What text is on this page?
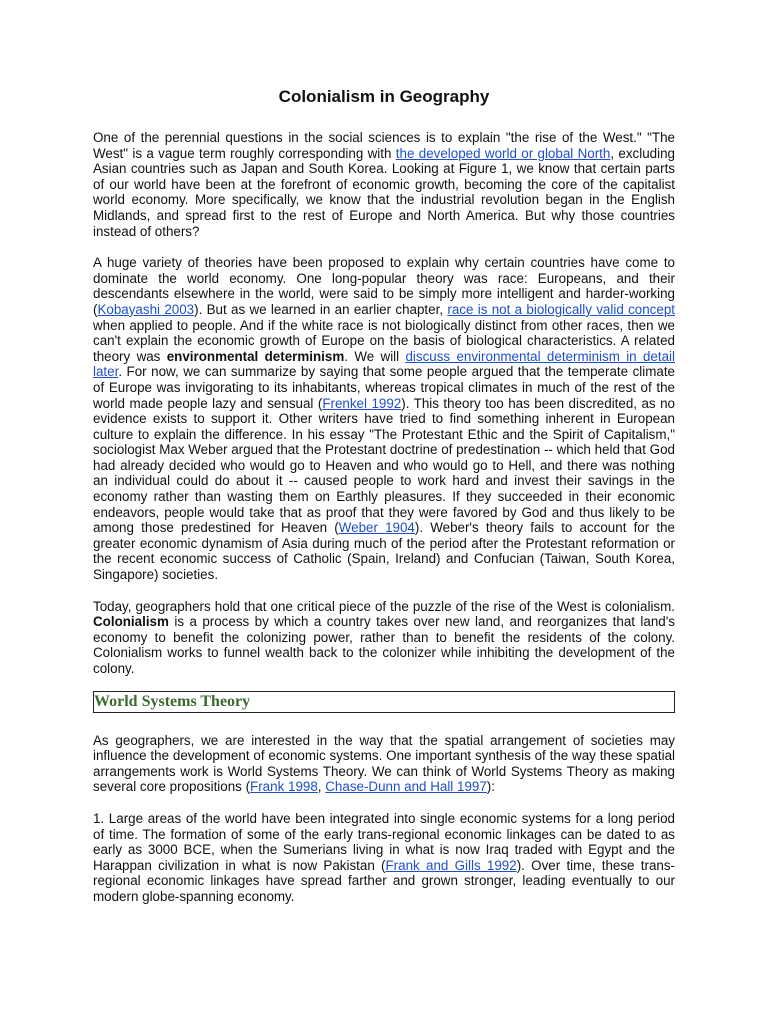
Colonialism in Geography

One of the perennial questions in the social sciences is to explain "the rise of the West." "The West" is a vague term roughly corresponding with the developed world or global North, excluding Asian countries such as Japan and South Korea. Looking at Figure 1, we know that certain parts of our world have been at the forefront of economic growth, becoming the core of the capitalist world economy. More specifically, we know that the industrial revolution began in the English Midlands, and spread first to the rest of Europe and North America. But why those countries instead of others?

A huge variety of theories have been proposed to explain why certain countries have come to dominate the world economy. One long-popular theory was race: Europeans, and their descendants elsewhere in the world, were said to be simply more intelligent and harder-working (Kobayashi 2003). But as we learned in an earlier chapter, race is not a biologically valid concept when applied to people. And if the white race is not biologically distinct from other races, then we can't explain the economic growth of Europe on the basis of biological characteristics. A related theory was environmental determinism. We will discuss environmental determinism in detail later. For now, we can summarize by saying that some people argued that the temperate climate of Europe was invigorating to its inhabitants, whereas tropical climates in much of the rest of the world made people lazy and sensual (Frenkel 1992). This theory too has been discredited, as no evidence exists to support it. Other writers have tried to find something inherent in European culture to explain the difference. In his essay "The Protestant Ethic and the Spirit of Capitalism," sociologist Max Weber argued that the Protestant doctrine of predestination -- which held that God had already decided who would go to Heaven and who would go to Hell, and there was nothing an individual could do about it -- caused people to work hard and invest their savings in the economy rather than wasting them on Earthly pleasures. If they succeeded in their economic endeavors, people would take that as proof that they were favored by God and thus likely to be among those predestined for Heaven (Weber 1904). Weber's theory fails to account for the greater economic dynamism of Asia during much of the period after the Protestant reformation or the recent economic success of Catholic (Spain, Ireland) and Confucian (Taiwan, South Korea, Singapore) societies.

Today, geographers hold that one critical piece of the puzzle of the rise of the West is colonialism. Colonialism is a process by which a country takes over new land, and reorganizes that land's economy to benefit the colonizing power, rather than to benefit the residents of the colony. Colonialism works to funnel wealth back to the colonizer while inhibiting the development of the colony.

World Systems Theory

As geographers, we are interested in the way that the spatial arrangement of societies may influence the development of economic systems. One important synthesis of the way these spatial arrangements work is World Systems Theory. We can think of World Systems Theory as making several core propositions (Frank 1998, Chase-Dunn and Hall 1997):

1. Large areas of the world have been integrated into single economic systems for a long period of time. The formation of some of the early trans-regional economic linkages can be dated to as early as 3000 BCE, when the Sumerians living in what is now Iraq traded with Egypt and the Harappan civilization in what is now Pakistan (Frank and Gills 1992). Over time, these trans-regional economic linkages have spread farther and grown stronger, leading eventually to our modern globe-spanning economy.
